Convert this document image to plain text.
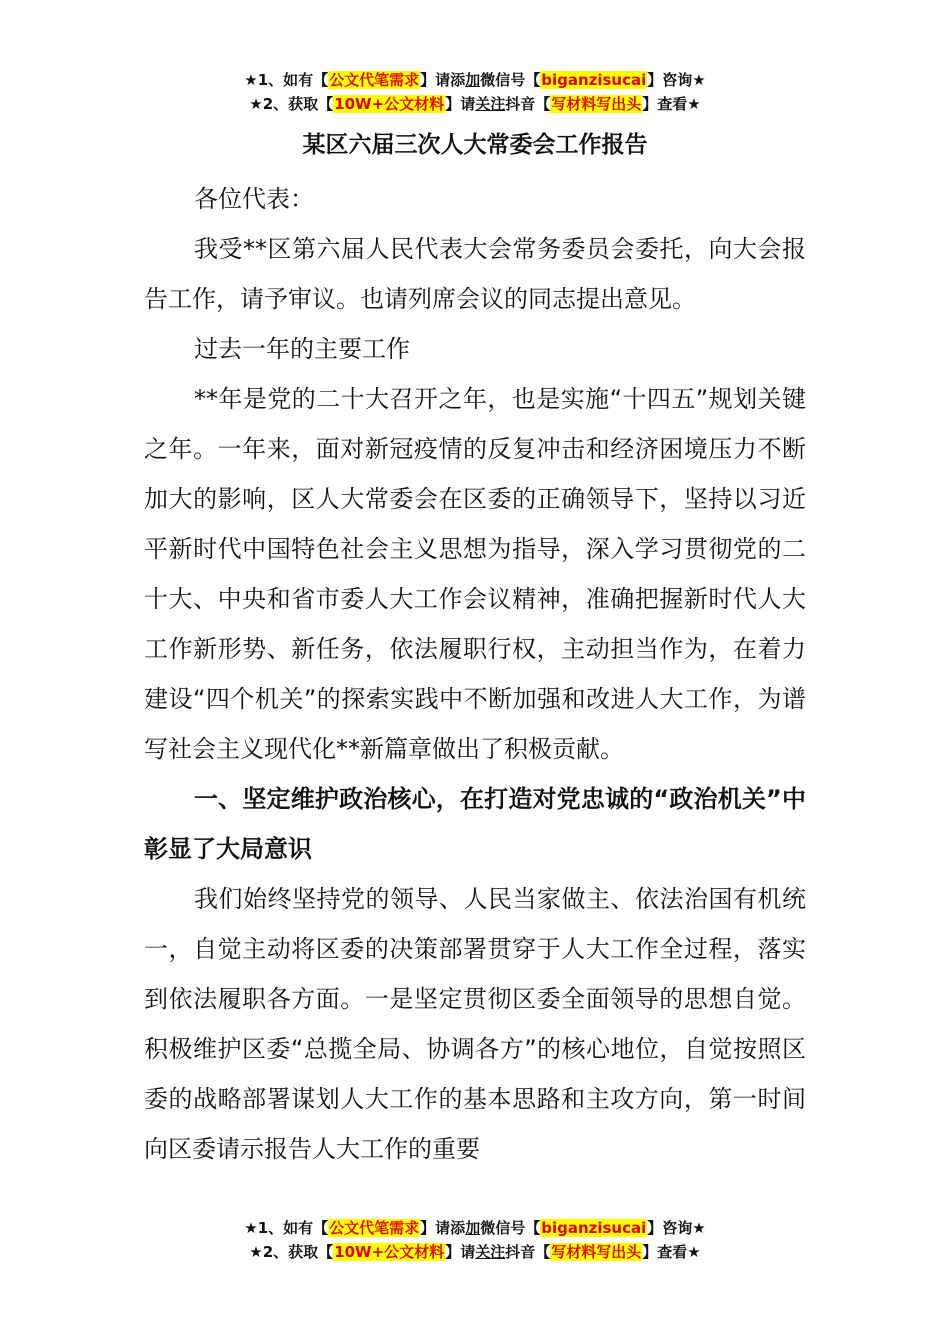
★1、如有【公文代笔需求】请添加微信号【biganzisucai】咨询★
★2、获取【10W+公文材料】请关注抖音【写材料写出头】查看★
某区六届三次人大常委会工作报告

各位代表：

我受**区第六届人民代表大会常务委员会委托，向大会报告工作，请予审议。也请列席会议的同志提出意见。

过去一年的主要工作

**年是党的二十大召开之年，也是实施“十四五”规划关键之年。一年来，面对新冠疫情的反复冲击和经济困境压力不断加大的影响，区人大常委会在区委的正确领导下，坚持以习近平新时代中国特色社会主义思想为指导，深入学习贯彻党的二十大、中央和省市委人大工作会议精神，准确把握新时代人大工作新形势、新任务，依法履职行权，主动担当作为，在着力建设“四个机关”的探索实践中不断加强和改进人大工作，为谱写社会主义现代化**新篇章做出了积极贡献。

一、坚定维护政治核心，在打造对党忠诚的“政治机关”中彰显了大局意识

我们始终坚持党的领导、人民当家做主、依法治国有机统一，自觉主动将区委的决策部署贯穿于人大工作全过程，落实到依法履职各方面。一是坚定贯彻区委全面领导的思想自觉。积极维护区委“总揽全局、协调各方”的核心地位，自觉按照区委的战略部署谋划人大工作的基本思路和主攻方向，第一时间向区委请示报告人大工作的重要

★1、如有【公文代笔需求】请添加微信号【biganzisucai】咨询★
★2、获取【10W+公文材料】请关注抖音【写材料写出头】查看★
